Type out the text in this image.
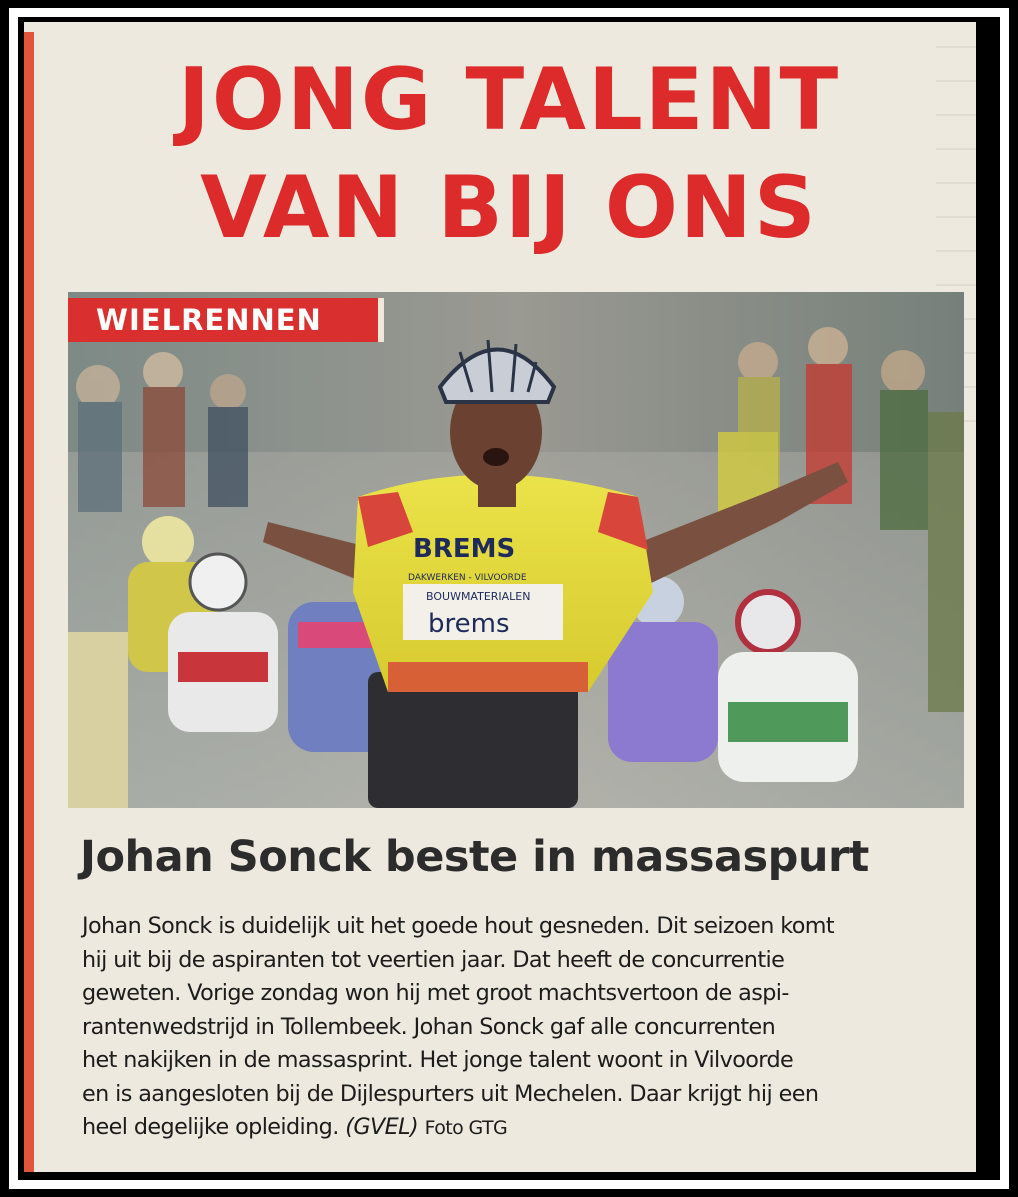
JONG TALENT
VAN BIJ ONS
BREMS
DAKWERKEN - VILVOORDE
BOUWMATERIALEN
brems
WIELRENNEN
Johan Sonck beste in massaspurt

Johan Sonck is duidelijk uit het goede hout gesneden. Dit seizoen komt
hij uit bij de aspiranten tot veertien jaar. Dat heeft de concurrentie
geweten. Vorige zondag won hij met groot machtsvertoon de aspi-
rantenwedstrijd in Tollembeek. Johan Sonck gaf alle concurrenten
het nakijken in de massasprint. Het jonge talent woont in Vilvoorde
en is aangesloten bij de Dijlespurters uit Mechelen. Daar krijgt hij een
heel degelijke opleiding. (GVEL) Foto GTG
